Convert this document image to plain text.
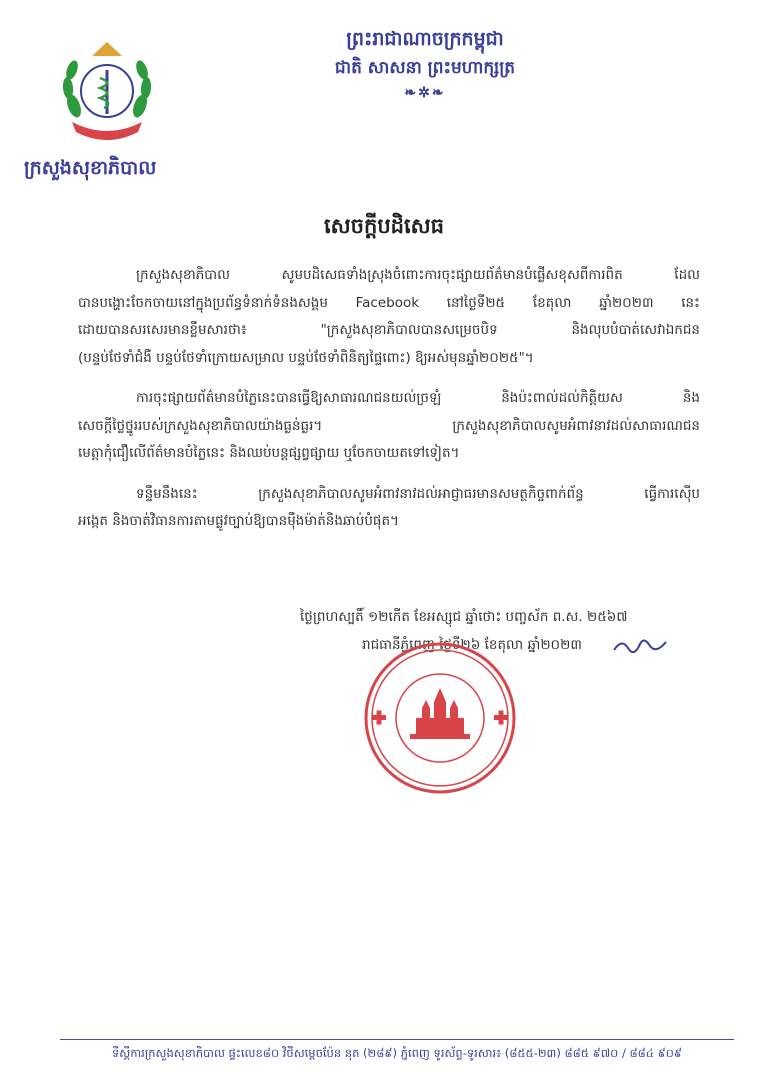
ក្រសួងសុខាភិបាល
ព្រះរាជាណាចក្រកម្ពុជា
ជាតិ សាសនា ព្រះមហាក្សត្រ
❧✲❧
សេចក្ដីបដិសេធ

ក្រសួងសុខាភិបាល សូមបដិសេធទាំងស្រុងចំពោះការចុះផ្សាយព័ត៌មានបំផ្លើសខុសពីការពិត ដែល
បានបង្ហោះចែកចាយនៅក្នុងប្រព័ន្ធទំនាក់ទំនងសង្គម Facebook នៅថ្ងៃទី២៥ ខែតុលា ឆ្នាំ២០២៣ នេះ
ដោយបានសរសេរមានខ្លឹមសារថា៖ "ក្រសួងសុខាភិបាលបានសម្រេចបិទ និងលុបបំបាត់សេវាឯកជន
(បន្ទប់ថែទាំជំងឺ បន្ទប់ថែទាំក្រោយសម្រាល បន្ទប់ថែទាំពិនិត្យផ្ទៃពោះ) ឱ្យអស់មុនឆ្នាំ២០២៥"។

ការចុះផ្សាយព័ត៌មានបំភ្លៃនេះបានធ្វើឱ្យសាធារណជនយល់ច្រឡំ និងប៉ះពាល់ដល់កិត្តិយស និង
សេចក្តីថ្លៃថ្នូររបស់ក្រសួងសុខាភិបាលយ៉ាងធ្ងន់ធ្ងរ។ ក្រសួងសុខាភិបាលសូមអំពាវនាវដល់សាធារណជន
មេត្តាកុំជឿលើព័ត៌មានបំភ្លៃនេះ និងឈប់បន្តផ្សព្វផ្សាយ ឬចែកចាយតទៅទៀត។

ទន្ទឹមនឹងនេះ ក្រសួងសុខាភិបាលសូមអំពាវនាវដល់អាជ្ញាធរមានសមត្ថកិច្ចពាក់ព័ន្ធ ធ្វើការស៊ើប
អង្កេត និងចាត់វិធានការតាមផ្លូវច្បាប់ឱ្យបានម៉ឺងម៉ាត់និងឆាប់បំផុត។

ថ្ងៃព្រហស្បតិ៍ ១២កើត ខែអស្សុជ ឆ្នាំថោះ បញ្ចស័ក ព.ស. ២៥៦៧
រាជធានីភ្នំពេញ ថ្ងៃទី២៦ ខែតុលា ឆ្នាំ២០២៣
ទីស្តីការក្រសួងសុខាភិបាល ផ្ទះលេខ៨០ វិថីសម្តេចប៉ែន នុត (២៨៩) ភ្នំពេញ ទូរស័ព្ទ-ទូរសារ៖ (៨៥៥-២៣) ៨៨៥ ៩៧០ / ៨៨៤ ៩០៩
